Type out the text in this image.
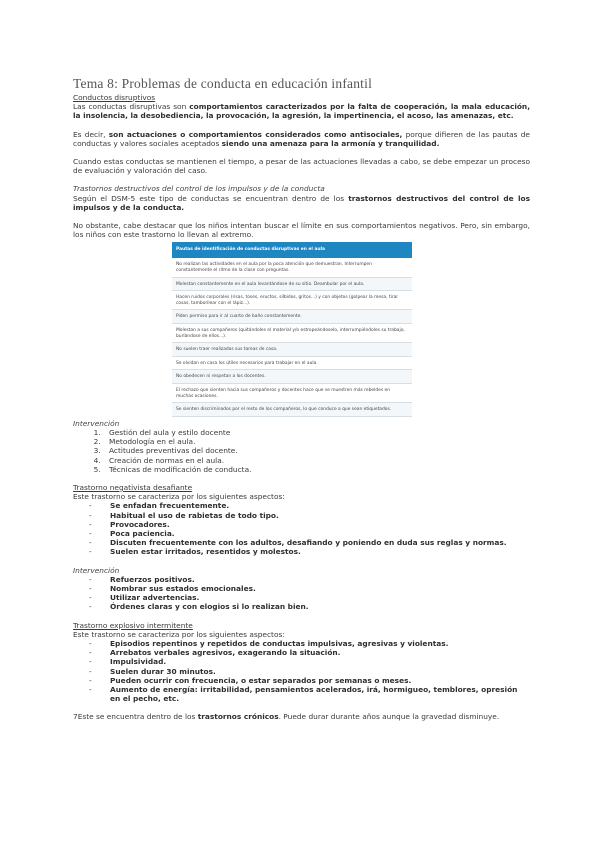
Tema 8: Problemas de conducta en educación infantil

Conductos disruptivos

Las conductas disruptivas son comportamientos caracterizados por la falta de cooperación, la mala educación, la insolencia, la desobediencia, la provocación, la agresión, la impertinencia, el acoso, las amenazas, etc.

Es decir, son actuaciones o comportamientos considerados como antisociales, porque difieren de las pautas de conductas y valores sociales aceptados siendo una amenaza para la armonía y tranquilidad.

Cuando estas conductas se mantienen el tiempo, a pesar de las actuaciones llevadas a cabo, se debe empezar un proceso de evaluación y valoración del caso.

Trastornos destructivos del control de los impulsos y de la conducta

Según el DSM-5 este tipo de conductas se encuentran dentro de los trastornos destructivos del control de los impulsos y de la conducta.

No obstante, cabe destacar que los niños intentan buscar el límite en sus comportamientos negativos. Pero, sin embargo, los niños con este trastorno lo llevan al extremo.

Pautas de identificación de conductas disruptivas en el aula
No realizan las actividades en el aula por la poca atención que demuestran. Interrumpen constantemente el ritmo de la clase con preguntas.
Molestan constantemente en el aula levantándose de su sitio. Deambular por el aula.
Hacen ruidos corporales (risas, toses, eructos, silbidos, gritos...) y con objetos (golpear la mesa, tirar cosas, tamborilear con el lápiz...).
Piden permiso para ir al cuarto de baño constantemente.
Molestan a sus compañeros (quitándoles el material y/o estropeándoselo, interrumpiéndoles su trabajo, burlándose de ellos...).
No suelen traer realizadas sus tareas de casa.
Se olvidan en casa los útiles necesarios para trabajar en el aula.
No obedecen ni respetan a los docentes.
El rechazo que sienten hacia sus compañeros y docentes hace que se muestren más rebeldes en muchas ocasiones.
Se sienten discriminados por el resto de los compañeros, lo que conduce a que sean etiquetados.

Intervención

1. Gestión del aula y estilo docente
2. Metodología en el aula.
3. Actitudes preventivas del docente.
4. Creación de normas en el aula.
5. Técnicas de modificación de conducta.

Trastorno negativista desafiante

Este trastorno se caracteriza por los siguientes aspectos:

- Se enfadan frecuentemente.
- Habitual el uso de rabietas de todo tipo.
- Provocadores.
- Poca paciencia.
- Discuten frecuentemente con los adultos, desafiando y poniendo en duda sus reglas y normas.
- Suelen estar irritados, resentidos y molestos.

Intervención

- Refuerzos positivos.
- Nombrar sus estados emocionales.
- Utilizar advertencias.
- Órdenes claras y con elogios si lo realizan bien.

Trastorno explosivo intermitente

Este trastorno se caracteriza por los siguientes aspectos:

- Episodios repentinos y repetidos de conductas impulsivas, agresivas y violentas.
- Arrebatos verbales agresivos, exagerando la situación.
- Impulsividad.
- Suelen durar 30 minutos.
- Pueden ocurrir con frecuencia, o estar separados por semanas o meses.
- Aumento de energía: irritabilidad, pensamientos acelerados, irá, hormigueo, temblores, opresión en el pecho, etc.

7Este se encuentra dentro de los trastornos crónicos. Puede durar durante años aunque la gravedad disminuye.
